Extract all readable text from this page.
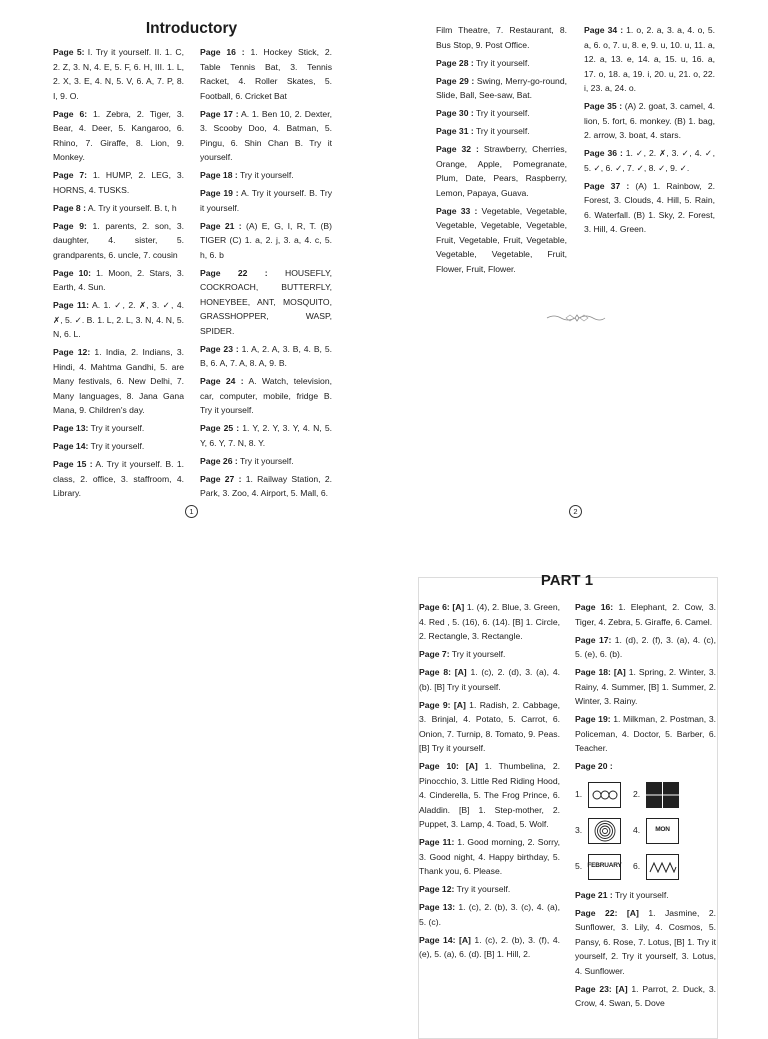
Introductory
Page 5: I. Try it yourself. II. 1. C, 2. Z, 3. N, 4. E, 5. F, 6. H, III. 1. L, 2. X, 3. E, 4. N, 5. V, 6. A, 7. P, 8. I, 9. O.
Page 6: 1. Zebra, 2. Tiger, 3. Bear, 4. Deer, 5. Kangaroo, 6. Rhino, 7. Giraffe, 8. Lion, 9. Monkey.
Page 7: 1. HUMP, 2. LEG, 3. HORNS, 4. TUSKS.
Page 8 : A. Try it yourself. B. t, h
Page 9: 1. parents, 2. son, 3. daughter, 4. sister, 5. grandparents, 6. uncle, 7. cousin
Page 10: 1. Moon, 2. Stars, 3. Earth, 4. Sun.
Page 11: A. 1. ✓, 2. ✗, 3. ✓, 4. ✗, 5. ✓. B. 1. L, 2. L, 3. N, 4. N, 5. N, 6. L.
Page 12: 1. India, 2. Indians, 3. Hindi, 4. Mahtma Gandhi, 5. are Many festivals, 6. New Delhi, 7. Many languages, 8. Jana Gana Mana, 9. Children's day.
Page 13: Try it yourself.
Page 14: Try it yourself.
Page 15 : A. Try it yourself. B. 1. class, 2. office, 3. staffroom, 4. Library.
Page 16 : 1. Hockey Stick, 2. Table Tennis Bat, 3. Tennis Racket, 4. Roller Skates, 5. Football, 6. Cricket Bat
Page 17 : A. 1. Ben 10, 2. Dexter, 3. Scooby Doo, 4. Batman, 5. Pingu, 6. Shin Chan B. Try it yourself.
Page 18 : Try it yourself.
Page 19 : A. Try it yourself. B. Try it yourself.
Page 21 : (A) E, G, I, R, T. (B) TIGER (C) 1. a, 2. j, 3. a, 4. c, 5. h, 6. b
Page 22 : HOUSEFLY, COCKROACH, BUTTERFLY, HONEYBEE, ANT, MOSQUITO, GRASSHOPPER, WASP, SPIDER.
Page 23 : 1. A, 2. A, 3. B, 4. B, 5. B, 6. A, 7. A, 8. A, 9. B.
Page 24 : A. Watch, television, car, computer, mobile, fridge B. Try it yourself.
Page 25 : 1. Y, 2. Y, 3. Y, 4. N, 5. Y, 6. Y, 7. N, 8. Y.
Page 26 : Try it yourself.
Page 27 : 1. Railway Station, 2. Park, 3. Zoo, 4. Airport, 5. Mall, 6.
1
Film Theatre, 7. Restaurant, 8. Bus Stop, 9. Post Office.
Page 28 : Try it yourself.
Page 29 : Swing, Merry-go-round, Slide, Ball, See-saw, Bat.
Page 30 : Try it yourself.
Page 31 : Try it yourself.
Page 32 : Strawberry, Cherries, Orange, Apple, Pomegranate, Plum, Date, Pears, Raspberry, Lemon, Papaya, Guava.
Page 33 : Vegetable, Vegetable, Vegetable, Vegetable, Vegetable, Fruit, Vegetable, Fruit, Vegetable, Vegetable, Vegetable, Fruit, Flower, Fruit, Flower.
Page 34 : 1. o, 2. a, 3. a, 4. o, 5. a, 6. o, 7. u, 8. e, 9. u, 10. u, 11. a, 12. a, 13. e, 14. a, 15. u, 16. a, 17. o, 18. a, 19. i, 20. u, 21. o, 22. i, 23. a, 24. o.
Page 35 : (A) 2. goat, 3. camel, 4. lion, 5. fort, 6. monkey. (B) 1. bag, 2. arrow, 3. boat, 4. stars.
Page 36 : 1. ✓, 2. ✗, 3. ✓, 4. ✓, 5. ✓, 6. ✓, 7. ✓, 8. ✓, 9. ✓.
Page 37 : (A) 1. Rainbow, 2. Forest, 3. Clouds, 4. Hill, 5. Rain, 6. Waterfall. (B) 1. Sky, 2. Forest, 3. Hill, 4. Green.
2
PART 1
Page 6: [A] 1. (4), 2. Blue, 3. Green, 4. Red , 5. (16), 6. (14). [B] 1. Circle, 2. Rectangle, 3. Rectangle.
Page 7: Try it yourself.
Page 8: [A] 1. (c), 2. (d), 3. (a), 4. (b). [B] Try it yourself.
Page 9: [A] 1. Radish, 2. Cabbage, 3. Brinjal, 4. Potato, 5. Carrot, 6. Onion, 7. Turnip, 8. Tomato, 9. Peas. [B] Try it yourself.
Page 10: [A] 1. Thumbelina, 2. Pinocchio, 3. Little Red Riding Hood, 4. Cinderella, 5. The Frog Prince, 6. Aladdin. [B] 1. Step-mother, 2. Puppet, 3. Lamp, 4. Toad, 5. Wolf.
Page 11: 1. Good morning, 2. Sorry, 3. Good night, 4. Happy birthday, 5. Thank you, 6. Please.
Page 12: Try it yourself.
Page 13: 1. (c), 2. (b), 3. (c), 4. (a), 5. (c).
Page 14: [A] 1. (c), 2. (b), 3. (f), 4. (e), 5. (a), 6. (d). [B] 1. Hill, 2.
Page 16: 1. Elephant, 2. Cow, 3. Tiger, 4. Zebra, 5. Giraffe, 6. Camel.
Page 17: 1. (d), 2. (f), 3. (a), 4. (c), 5. (e), 6. (b).
Page 18: [A] 1. Spring, 2. Winter, 3. Rainy, 4. Summer, [B] 1. Summer, 2. Winter, 3. Rainy.
Page 19: 1. Milkman, 2. Postman, 3. Policeman, 4. Doctor, 5. Barber, 6. Teacher.
Page 20 :
1.	2.
3.	4.	MON
5. FEBRUARY 6.
Page 21 : Try it yourself.
Page 22: [A] 1. Jasmine, 2. Sunflower, 3. Lily, 4. Cosmos, 5. Pansy, 6. Rose, 7. Lotus, [B] 1. Try it yourself, 2. Try it yourself, 3. Lotus, 4. Sunflower.
Page 23: [A] 1. Parrot, 2. Duck, 3. Crow, 4. Swan, 5. Dove
